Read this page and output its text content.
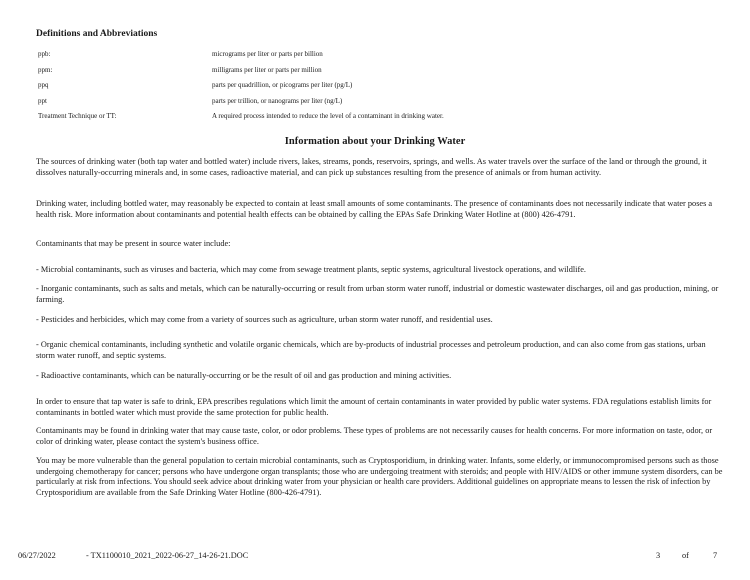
Definitions and Abbreviations
ppb:	micrograms per liter or parts per billion
ppm:	milligrams per liter or parts per million
ppq	parts per quadrillion, or picograms per liter (pg/L)
ppt	parts per trillion, or nanograms per liter (ng/L)
Treatment Technique or TT:	A required process intended to reduce the level of a contaminant in drinking water.
Information about your Drinking Water

The sources of drinking water (both tap water and bottled water) include rivers, lakes, streams, ponds, reservoirs, springs, and wells. As water travels over the surface of the land or through the ground, it dissolves naturally-occurring minerals and, in some cases, radioactive material, and can pick up substances resulting from the presence of animals or from human activity.

Drinking water, including bottled water, may reasonably be expected to contain at least small amounts of some contaminants. The presence of contaminants does not necessarily indicate that water poses a health risk. More information about contaminants and potential health effects can be obtained by calling the EPAs Safe Drinking Water Hotline at (800) 426-4791.

Contaminants that may be present in source water include:

- Microbial contaminants, such as viruses and bacteria, which may come from sewage treatment plants, septic systems, agricultural livestock operations, and wildlife.

- Inorganic contaminants, such as salts and metals, which can be naturally-occurring or result from urban storm water runoff, industrial or domestic wastewater discharges, oil and gas production, mining, or farming.

- Pesticides and herbicides, which may come from a variety of sources such as agriculture, urban storm water runoff, and residential uses.

- Organic chemical contaminants, including synthetic and volatile organic chemicals, which are by-products of industrial processes and petroleum production, and can also come from gas stations, urban storm water runoff, and septic systems.

- Radioactive contaminants, which can be naturally-occurring or be the result of oil and gas production and mining activities.

In order to ensure that tap water is safe to drink, EPA prescribes regulations which limit the amount of certain contaminants in water provided by public water systems. FDA regulations establish limits for contaminants in bottled water which must provide the same protection for public health.

Contaminants may be found in drinking water that may cause taste, color, or odor problems. These types of problems are not necessarily causes for health concerns. For more information on taste, odor, or color of drinking water, please contact the system's business office.

You may be more vulnerable than the general population to certain microbial contaminants, such as Cryptosporidium, in drinking water. Infants, some elderly, or immunocompromised persons such as those undergoing chemotherapy for cancer; persons who have undergone organ transplants; those who are undergoing treatment with steroids; and people with HIV/AIDS or other immune system disorders, can be particularly at risk from infections. You should seek advice about drinking water from your physician or health care providers. Additional guidelines on appropriate means to lessen the risk of infection by Cryptosporidium are available from the Safe Drinking Water Hotline (800-426-4791).

06/27/2022	- TX1100010_2021_2022-06-27_14-26-21.DOC	3	of	7
